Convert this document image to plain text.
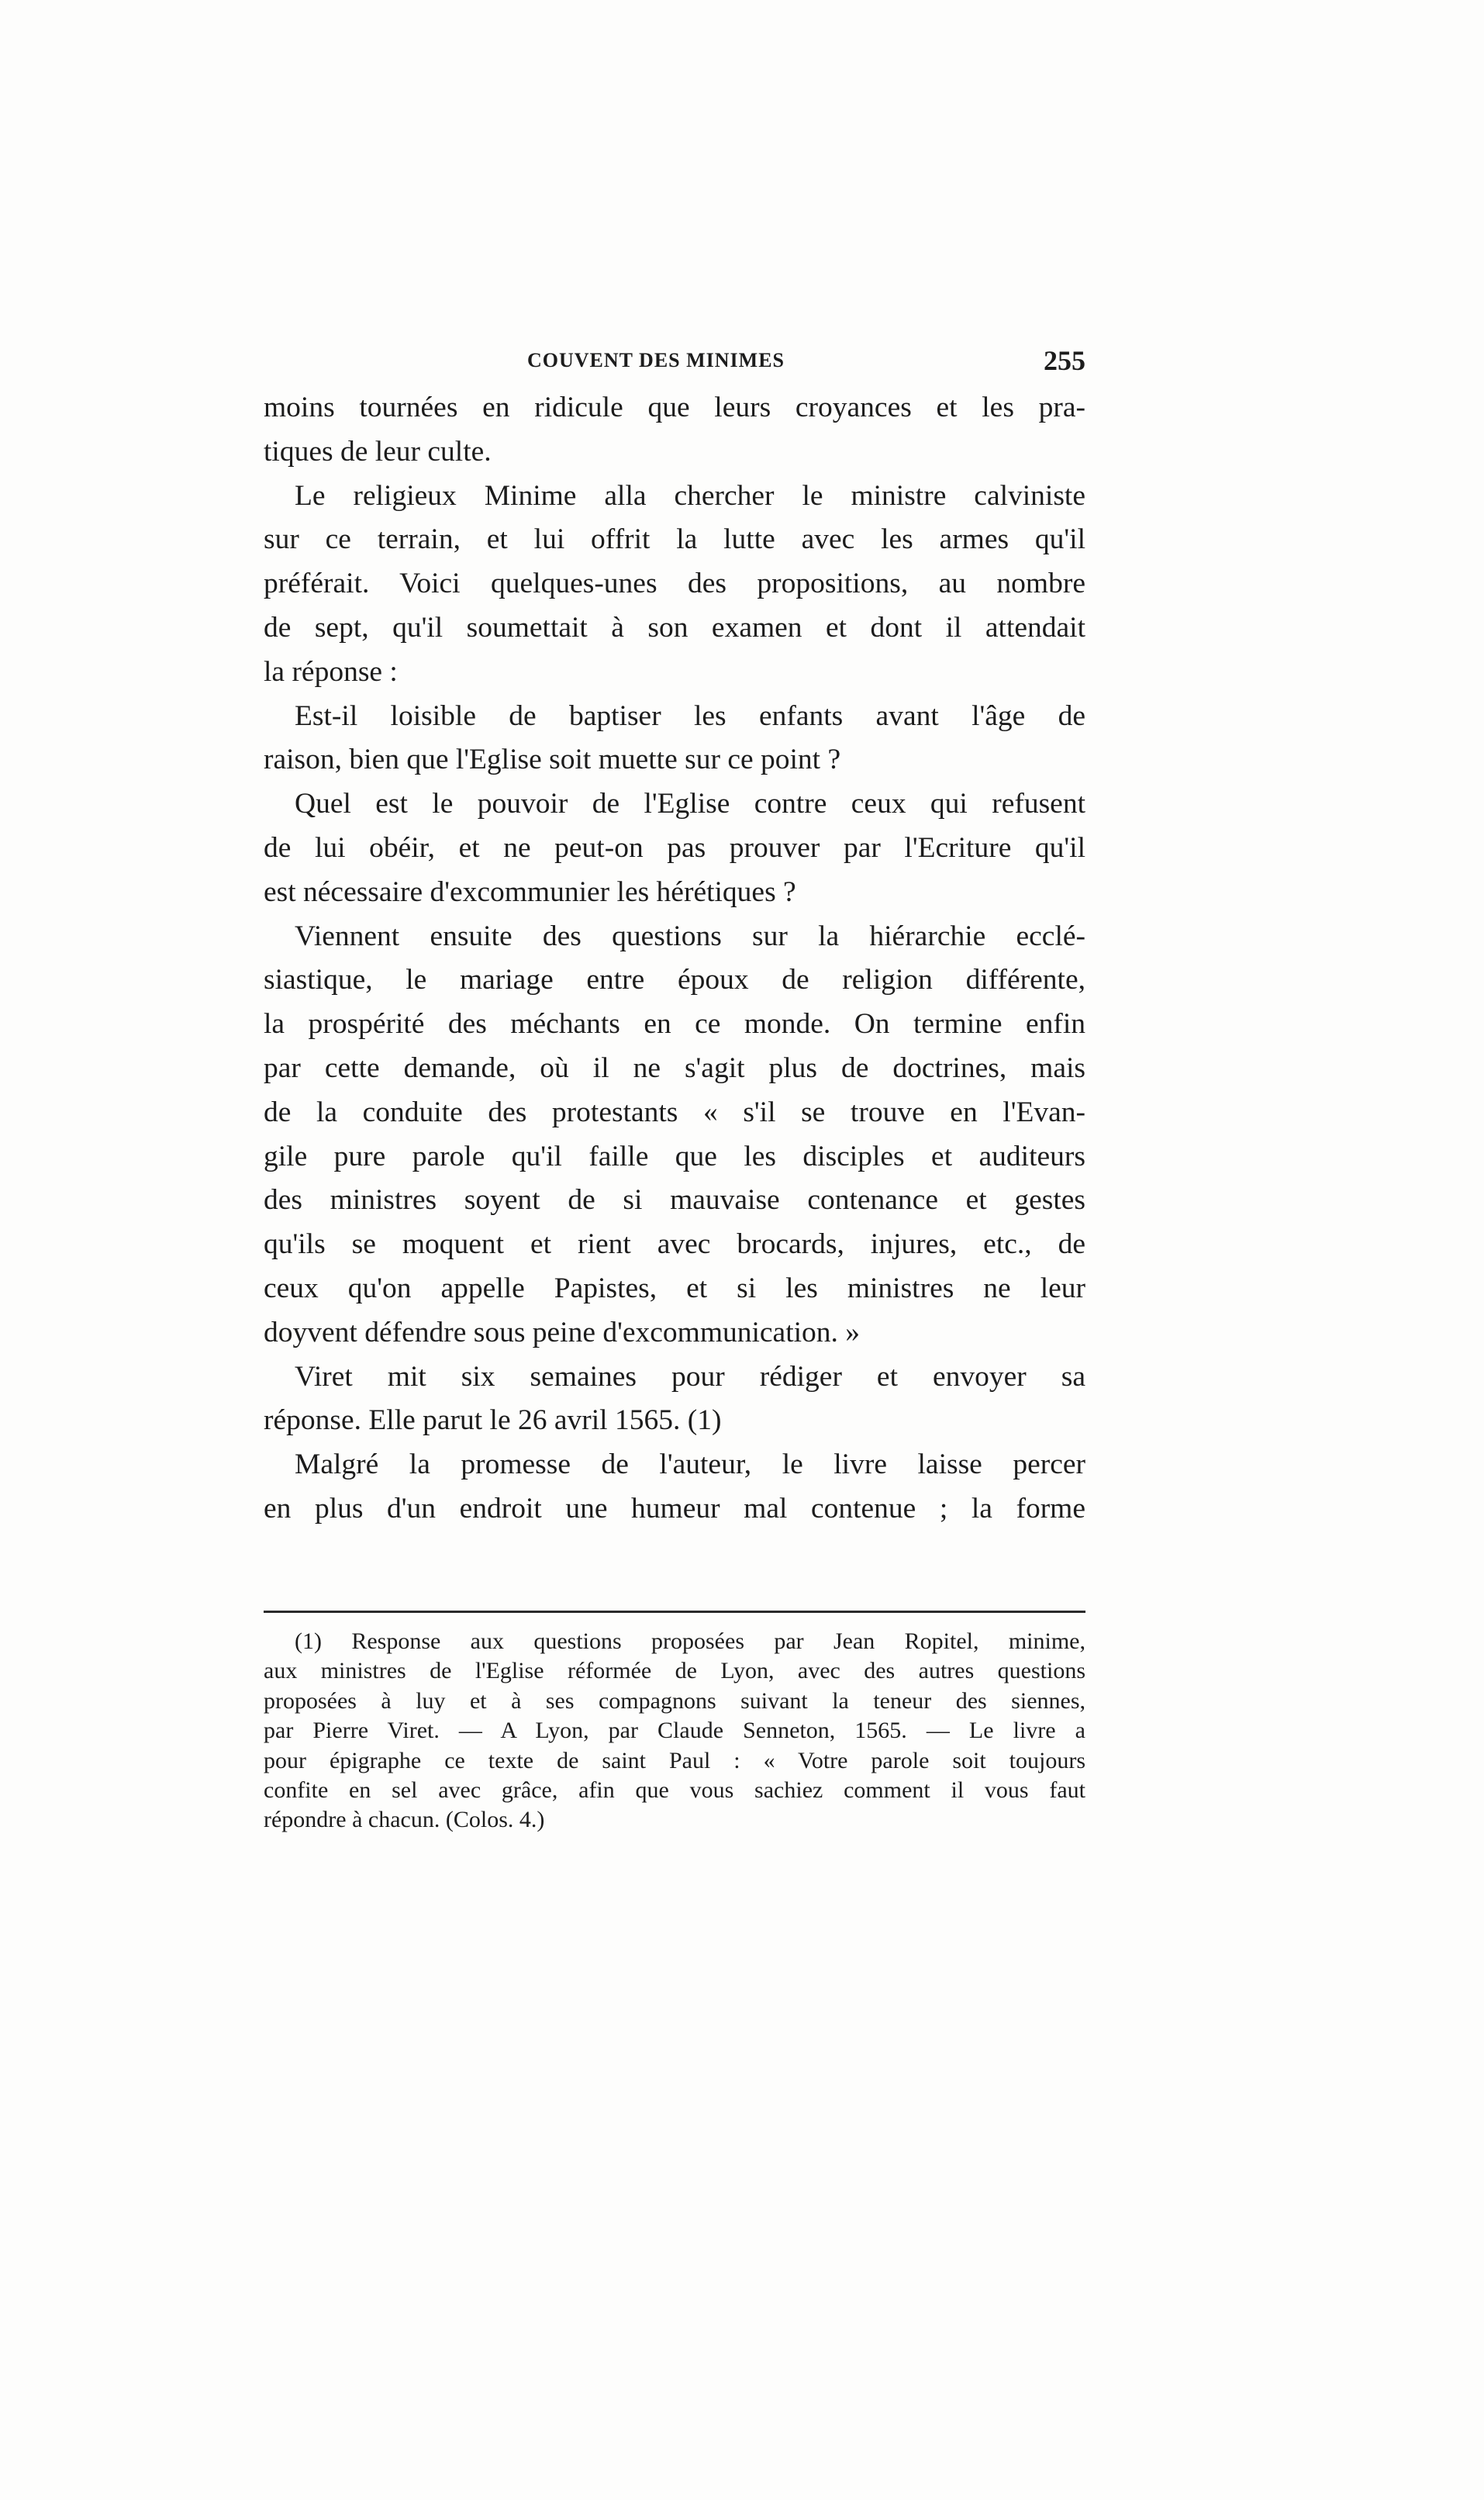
COUVENT DES MINIMES	255
moins tournées en ridicule que leurs croyances et les pra-
tiques de leur culte.
Le religieux Minime alla chercher le ministre calviniste
sur ce terrain, et lui offrit la lutte avec les armes qu'il
préférait. Voici quelques-unes des propositions, au nombre
de sept, qu'il soumettait à son examen et dont il attendait
la réponse :
Est-il loisible de baptiser les enfants avant l'âge de
raison, bien que l'Eglise soit muette sur ce point ?
Quel est le pouvoir de l'Eglise contre ceux qui refusent
de lui obéir, et ne peut-on pas prouver par l'Ecriture qu'il
est nécessaire d'excommunier les hérétiques ?
Viennent ensuite des questions sur la hiérarchie ecclé-
siastique, le mariage entre époux de religion différente,
la prospérité des méchants en ce monde. On termine enfin
par cette demande, où il ne s'agit plus de doctrines, mais
de la conduite des protestants « s'il se trouve en l'Evan-
gile pure parole qu'il faille que les disciples et auditeurs
des ministres soyent de si mauvaise contenance et gestes
qu'ils se moquent et rient avec brocards, injures, etc., de
ceux qu'on appelle Papistes, et si les ministres ne leur
doyvent défendre sous peine d'excommunication. »
Viret mit six semaines pour rédiger et envoyer sa
réponse. Elle parut le 26 avril 1565. (1)
Malgré la promesse de l'auteur, le livre laisse percer
en plus d'un endroit une humeur mal contenue ; la forme
(1) Response aux questions proposées par Jean Ropitel, minime,
aux ministres de l'Eglise réformée de Lyon, avec des autres questions
proposées à luy et à ses compagnons suivant la teneur des siennes,
par Pierre Viret. — A Lyon, par Claude Senneton, 1565. — Le livre a
pour épigraphe ce texte de saint Paul : « Votre parole soit toujours
confite en sel avec grâce, afin que vous sachiez comment il vous faut
répondre à chacun. (Colos. 4.)
